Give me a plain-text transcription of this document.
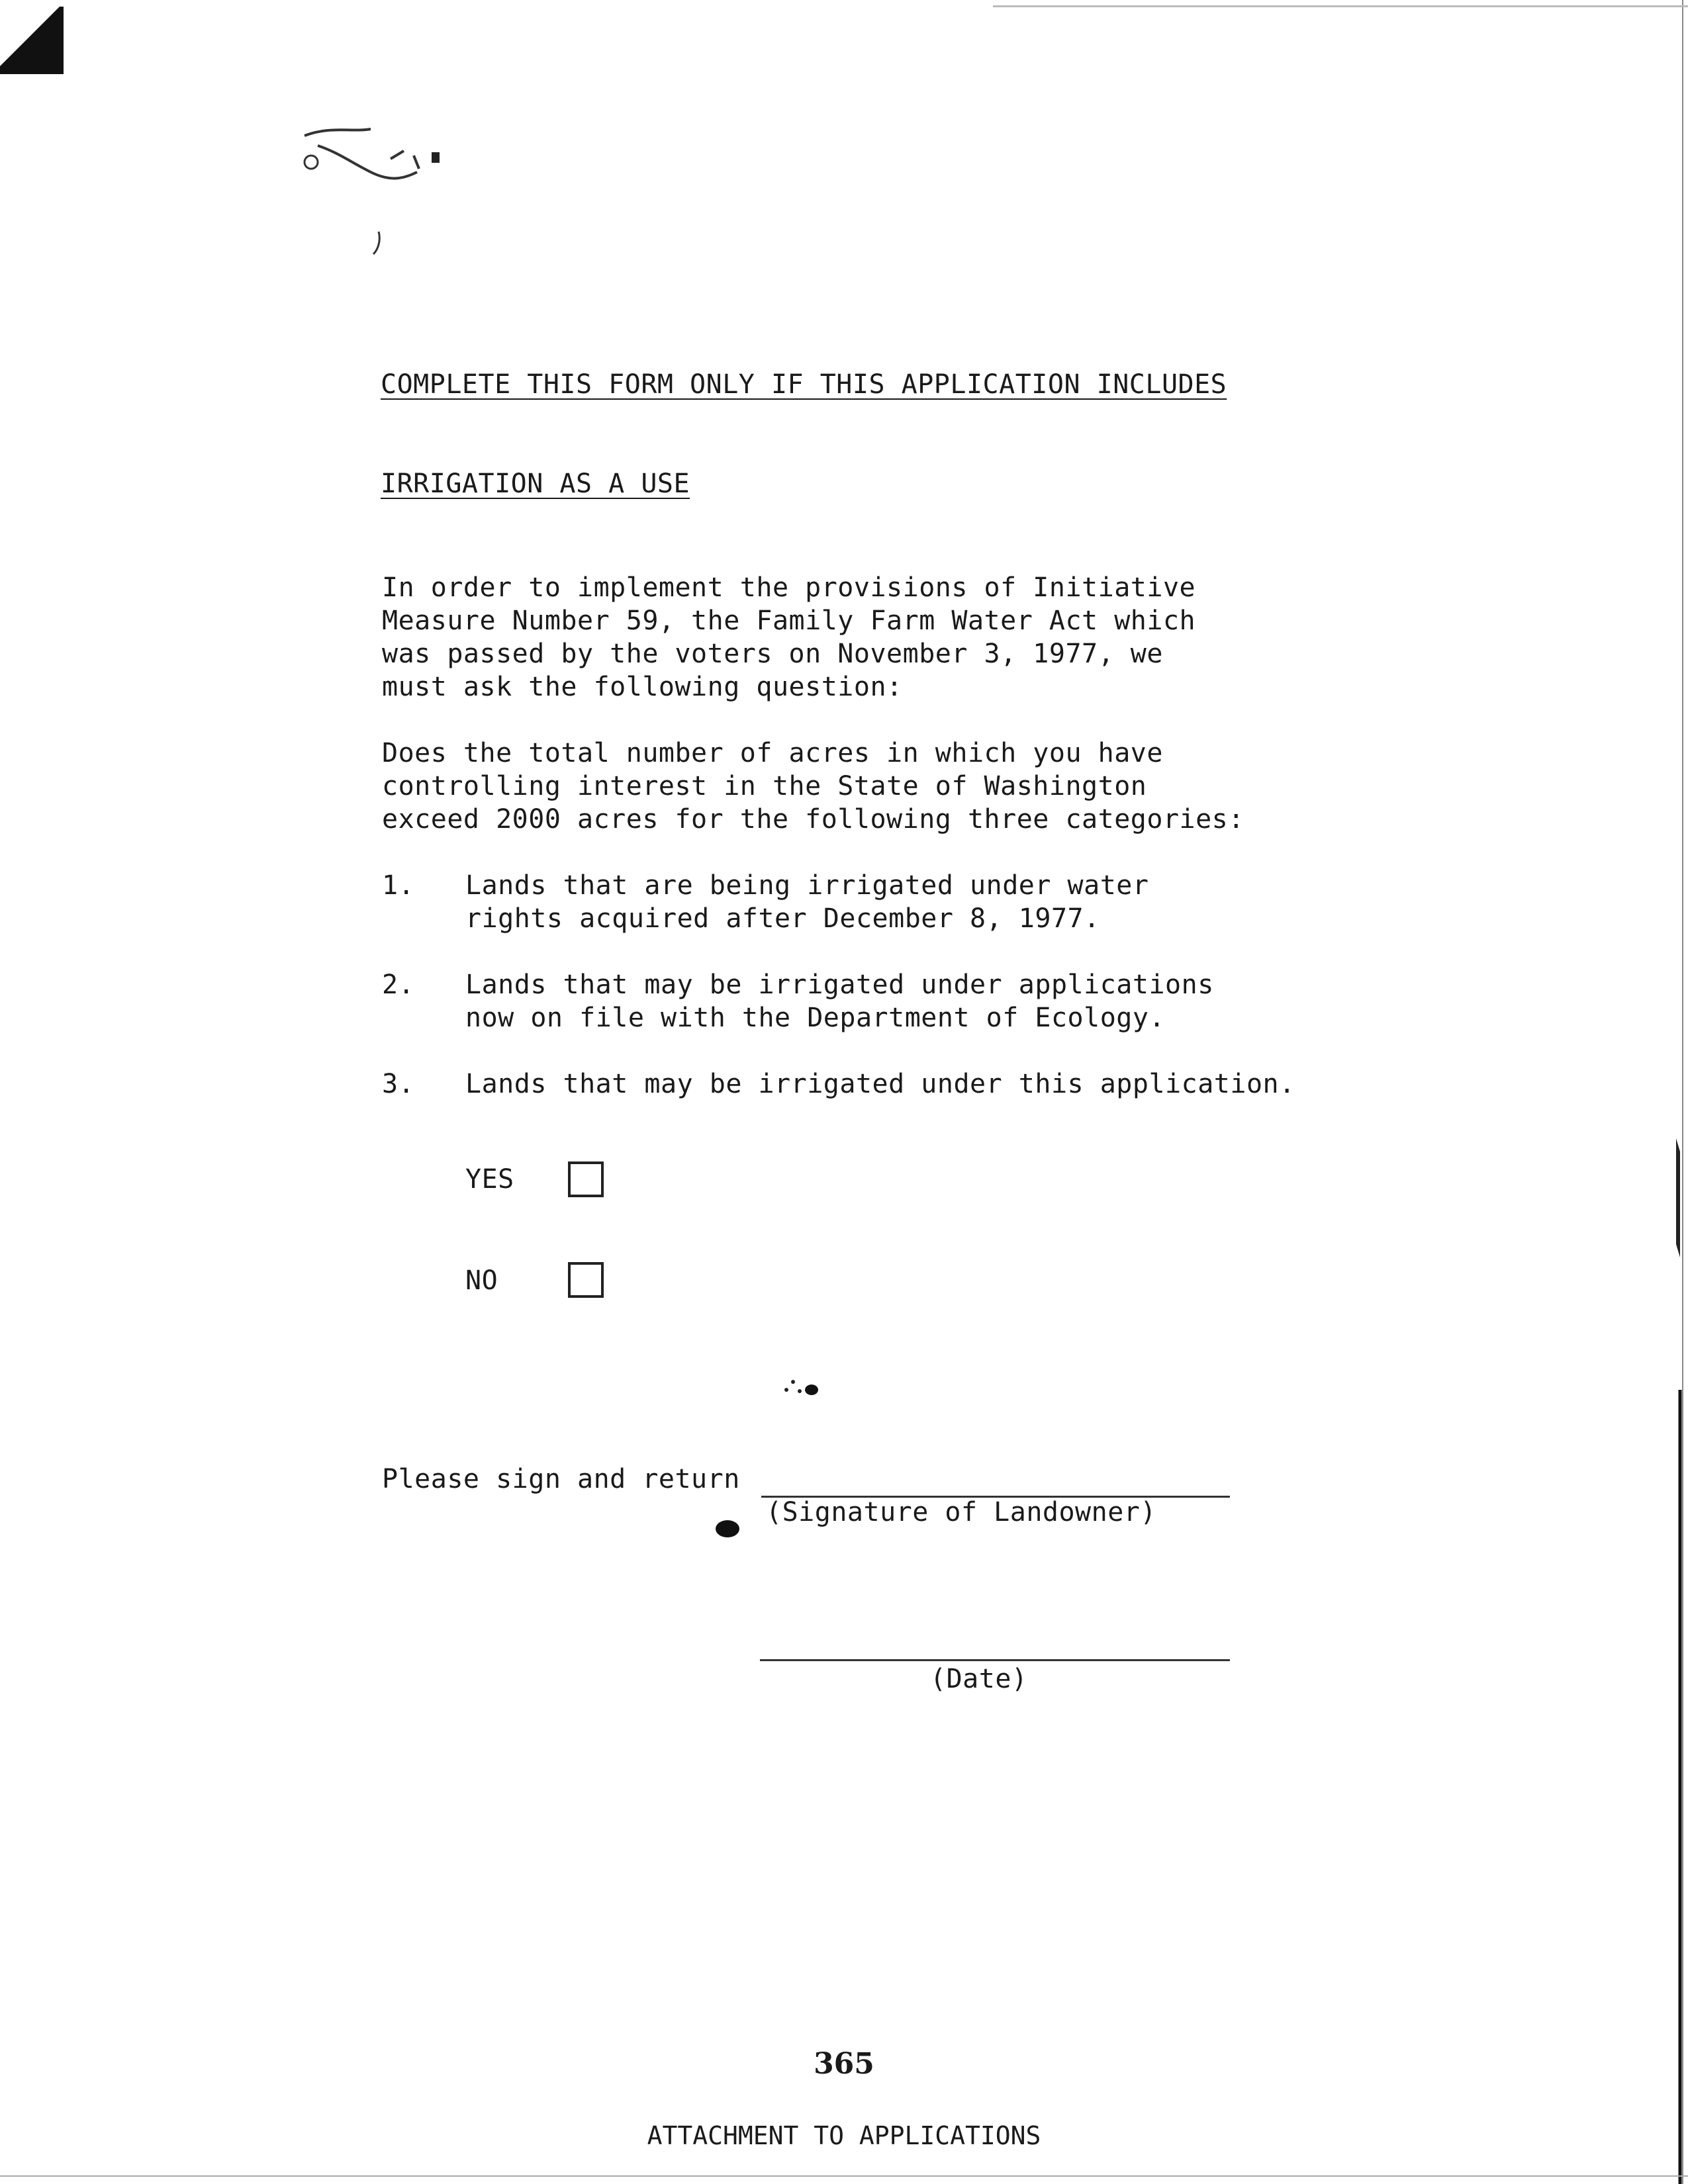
COMPLETE THIS FORM ONLY IF THIS APPLICATION INCLUDES

IRRIGATION AS A USE

In order to implement the provisions of Initiative
Measure Number 59, the Family Farm Water Act which
was passed by the voters on November 3, 1977, we
must ask the following question:
Does the total number of acres in which you have
controlling interest in the State of Washington
exceed 2000 acres for the following three categories:

1.

Lands that are being irrigated under water
rights acquired after December 8, 1977.

2.

Lands that may be irrigated under applications
now on file with the Department of Ecology.

3.

Lands that may be irrigated under this application.

YES
NO
Please sign and return
(Signature of Landowner)
(Date)
365
ATTACHMENT TO APPLICATIONS
